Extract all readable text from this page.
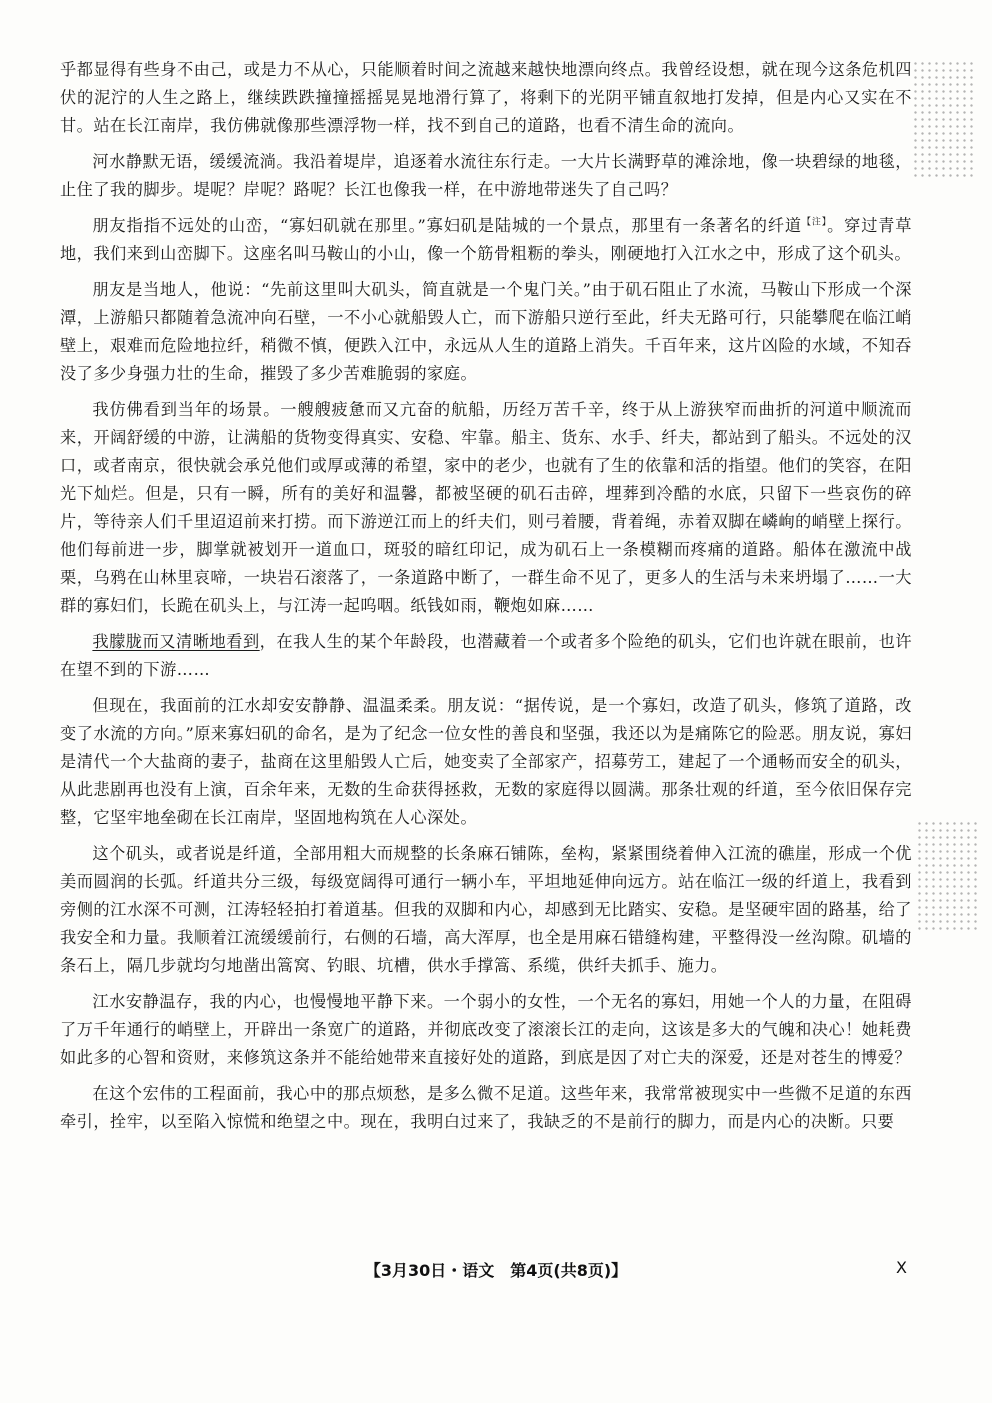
乎都显得有些身不由己，或是力不从心，只能顺着时间之流越来越快地漂向终点。我曾经设想，就在现今这条危机四伏的泥泞的人生之路上，继续跌跌撞撞摇摇晃晃地滑行算了，将剩下的光阴平铺直叙地打发掉，但是内心又实在不甘。站在长江南岸，我仿佛就像那些漂浮物一样，找不到自己的道路，也看不清生命的流向。

河水静默无语，缓缓流淌。我沿着堤岸，追逐着水流往东行走。一大片长满野草的滩涂地，像一块碧绿的地毯，止住了我的脚步。堤呢？岸呢？路呢？长江也像我一样，在中游地带迷失了自己吗？

朋友指指不远处的山峦，“寡妇矶就在那里。”寡妇矶是陆城的一个景点，那里有一条著名的纤道$^{【注】}$。穿过青草地，我们来到山峦脚下。这座名叫马鞍山的小山，像一个筋骨粗粝的拳头，刚硬地打入江水之中，形成了这个矶头。

朋友是当地人，他说：“先前这里叫大矶头，简直就是一个鬼门关。”由于矶石阻止了水流，马鞍山下形成一个深潭，上游船只都随着急流冲向石壁，一不小心就船毁人亡，而下游船只逆行至此，纤夫无路可行，只能攀爬在临江峭壁上，艰难而危险地拉纤，稍微不慎，便跌入江中，永远从人生的道路上消失。千百年来，这片凶险的水域，不知吞没了多少身强力壮的生命，摧毁了多少苦难脆弱的家庭。

我仿佛看到当年的场景。一艘艘疲惫而又亢奋的航船，历经万苦千辛，终于从上游狭窄而曲折的河道中顺流而来，开阔舒缓的中游，让满船的货物变得真实、安稳、牢靠。船主、货东、水手、纤夫，都站到了船头。不远处的汉口，或者南京，很快就会承兑他们或厚或薄的希望，家中的老少，也就有了生的依靠和活的指望。他们的笑容，在阳光下灿烂。但是，只有一瞬，所有的美好和温馨，都被坚硬的矶石击碎，埋葬到冷酷的水底，只留下一些哀伤的碎片，等待亲人们千里迢迢前来打捞。而下游逆江而上的纤夫们，则弓着腰，背着绳，赤着双脚在嶙峋的峭壁上探行。他们每前进一步，脚掌就被划开一道血口，斑驳的暗红印记，成为矶石上一条模糊而疼痛的道路。船体在激流中战栗，乌鸦在山林里哀啼，一块岩石滚落了，一条道路中断了，一群生命不见了，更多人的生活与未来坍塌了……一大群的寡妇们，长跪在矶头上，与江涛一起呜咽。纸钱如雨，鞭炮如麻……

我朦胧而又清晰地看到，在我人生的某个年龄段，也潜藏着一个或者多个险绝的矶头，它们也许就在眼前，也许在望不到的下游……

但现在，我面前的江水却安安静静、温温柔柔。朋友说：“据传说，是一个寡妇，改造了矶头，修筑了道路，改变了水流的方向。”原来寡妇矶的命名，是为了纪念一位女性的善良和坚强，我还以为是痛陈它的险恶。朋友说，寡妇是清代一个大盐商的妻子，盐商在这里船毁人亡后，她变卖了全部家产，招募劳工，建起了一个通畅而安全的矶头，从此悲剧再也没有上演，百余年来，无数的生命获得拯救，无数的家庭得以圆满。那条壮观的纤道，至今依旧保存完整，它坚牢地垒砌在长江南岸，坚固地构筑在人心深处。

这个矶头，或者说是纤道，全部用粗大而规整的长条麻石铺陈，垒构，紧紧围绕着伸入江流的礁崖，形成一个优美而圆润的长弧。纤道共分三级，每级宽阔得可通行一辆小车，平坦地延伸向远方。站在临江一级的纤道上，我看到旁侧的江水深不可测，江涛轻轻拍打着道基。但我的双脚和内心，却感到无比踏实、安稳。是坚硬牢固的路基，给了我安全和力量。我顺着江流缓缓前行，右侧的石墙，高大浑厚，也全是用麻石错缝构建，平整得没一丝沟隙。矶墙的条石上，隔几步就均匀地凿出篙窝、钓眼、坑槽，供水手撑篙、系缆，供纤夫抓手、施力。

江水安静温存，我的内心，也慢慢地平静下来。一个弱小的女性，一个无名的寡妇，用她一个人的力量，在阻碍了万千年通行的峭壁上，开辟出一条宽广的道路，并彻底改变了滚滚长江的走向，这该是多大的气魄和决心！她耗费如此多的心智和资财，来修筑这条并不能给她带来直接好处的道路，到底是因了对亡夫的深爱，还是对苍生的博爱？

在这个宏伟的工程面前，我心中的那点烦愁，是多么微不足道。这些年来，我常常被现实中一些微不足道的东西牵引，拴牢，以至陷入惊慌和绝望之中。现在，我明白过来了，我缺乏的不是前行的脚力，而是内心的决断。只要

【3月30日・语文　第4页(共8页)】	X
